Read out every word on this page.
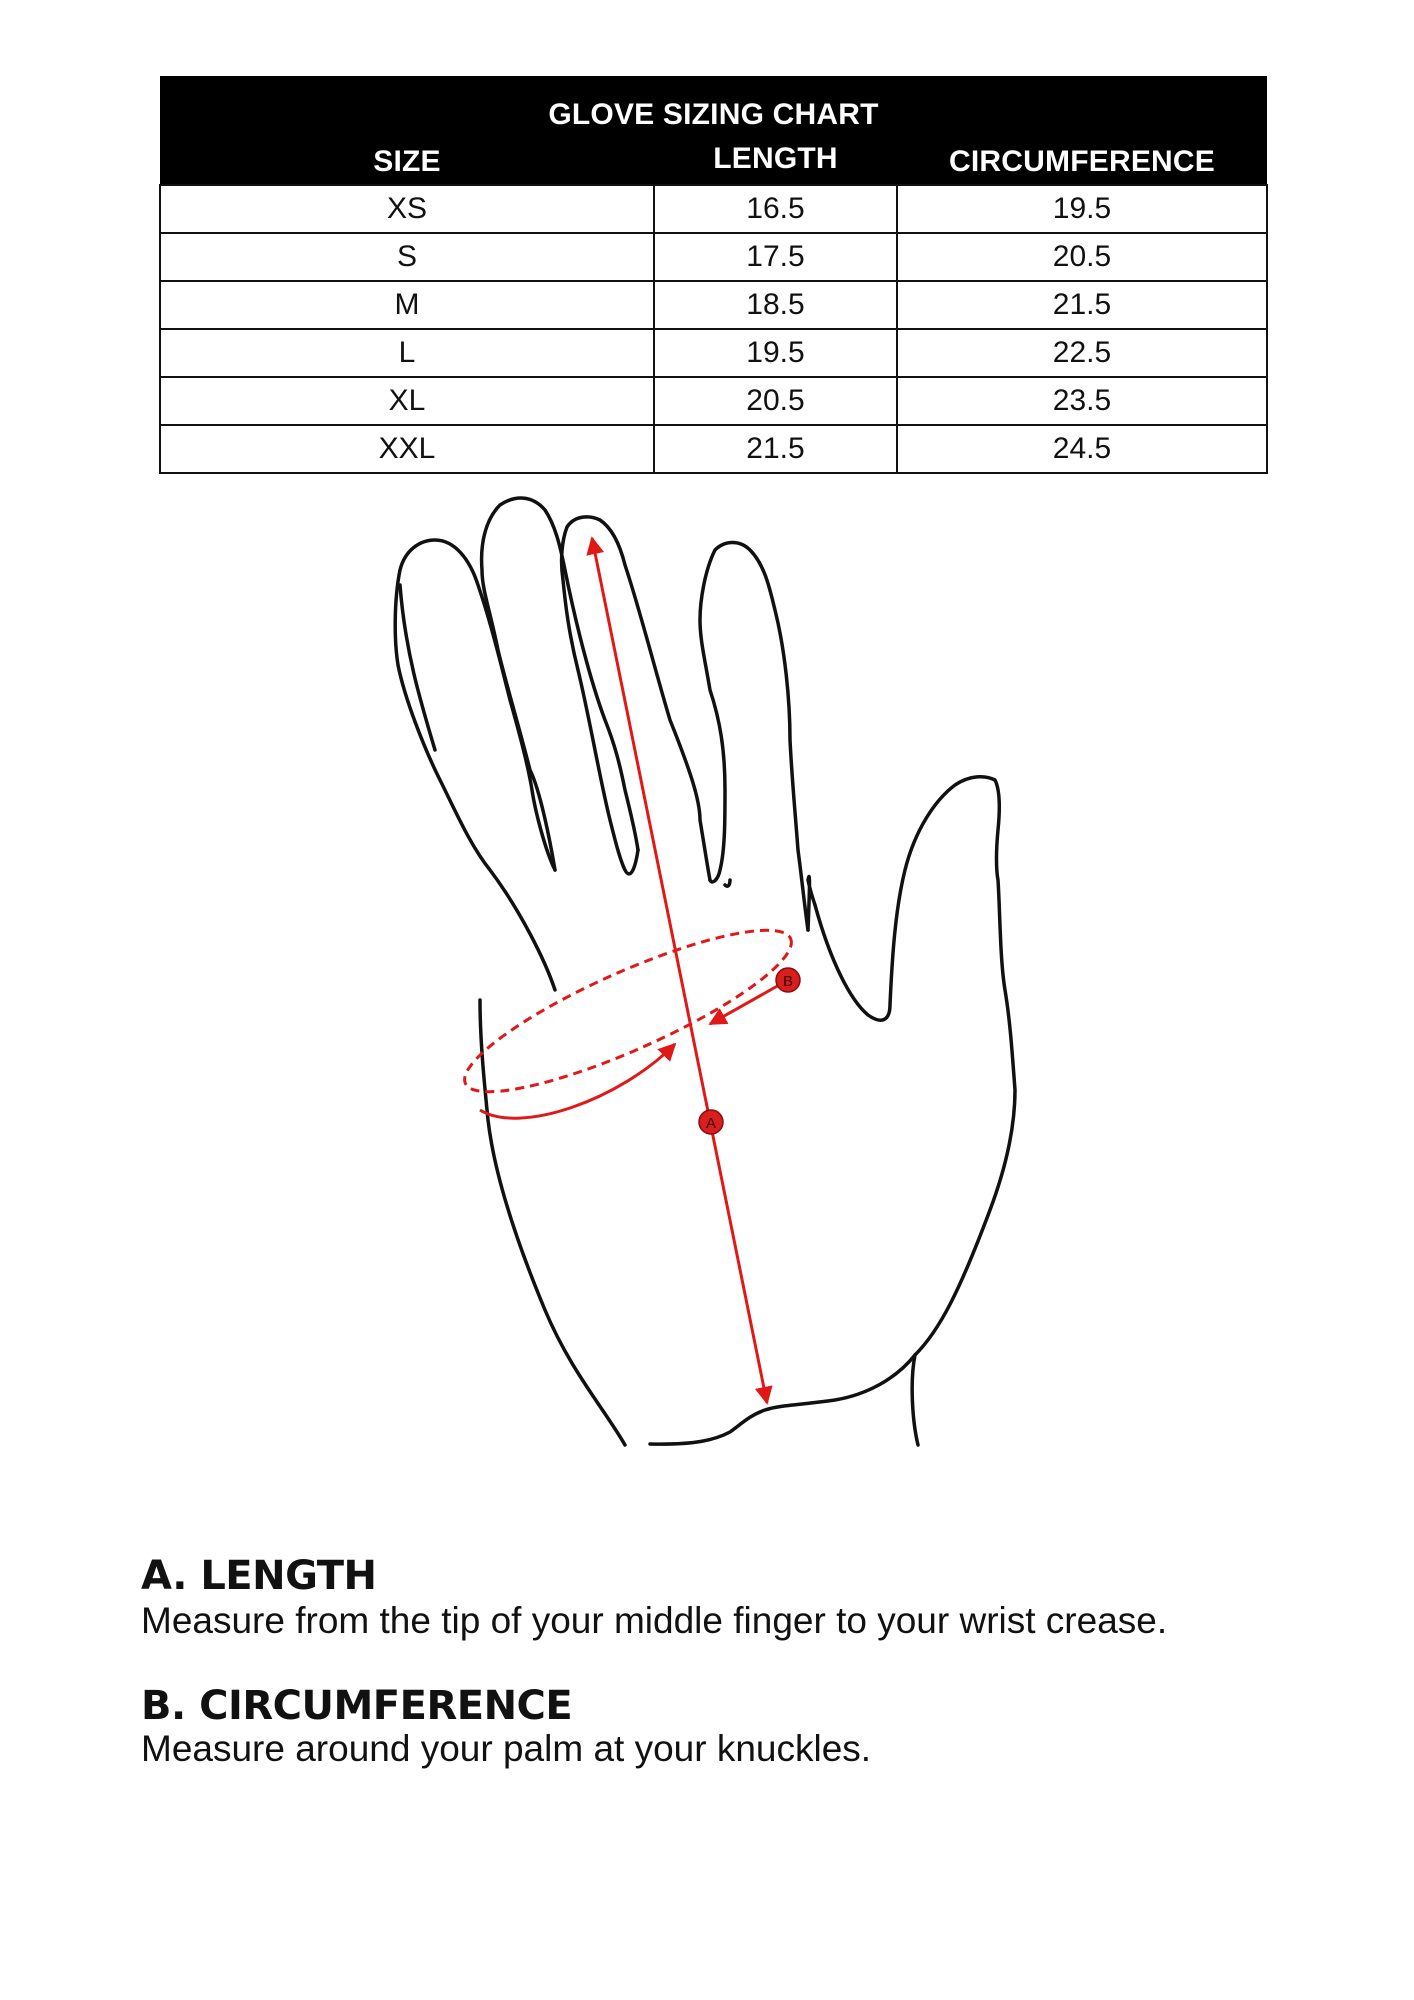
GLOVE SIZING CHART		
SIZE	LENGTH	CIRCUMFERENCE
XS	16.5	19.5
S	17.5	20.5
M	18.5	21.5
L	19.5	22.5
XL	20.5	23.5
XXL	21.5	24.5
A
B
A. LENGTH

Measure from the tip of your middle finger to your wrist crease.

B. CIRCUMFERENCE

Measure around your palm at your knuckles.
